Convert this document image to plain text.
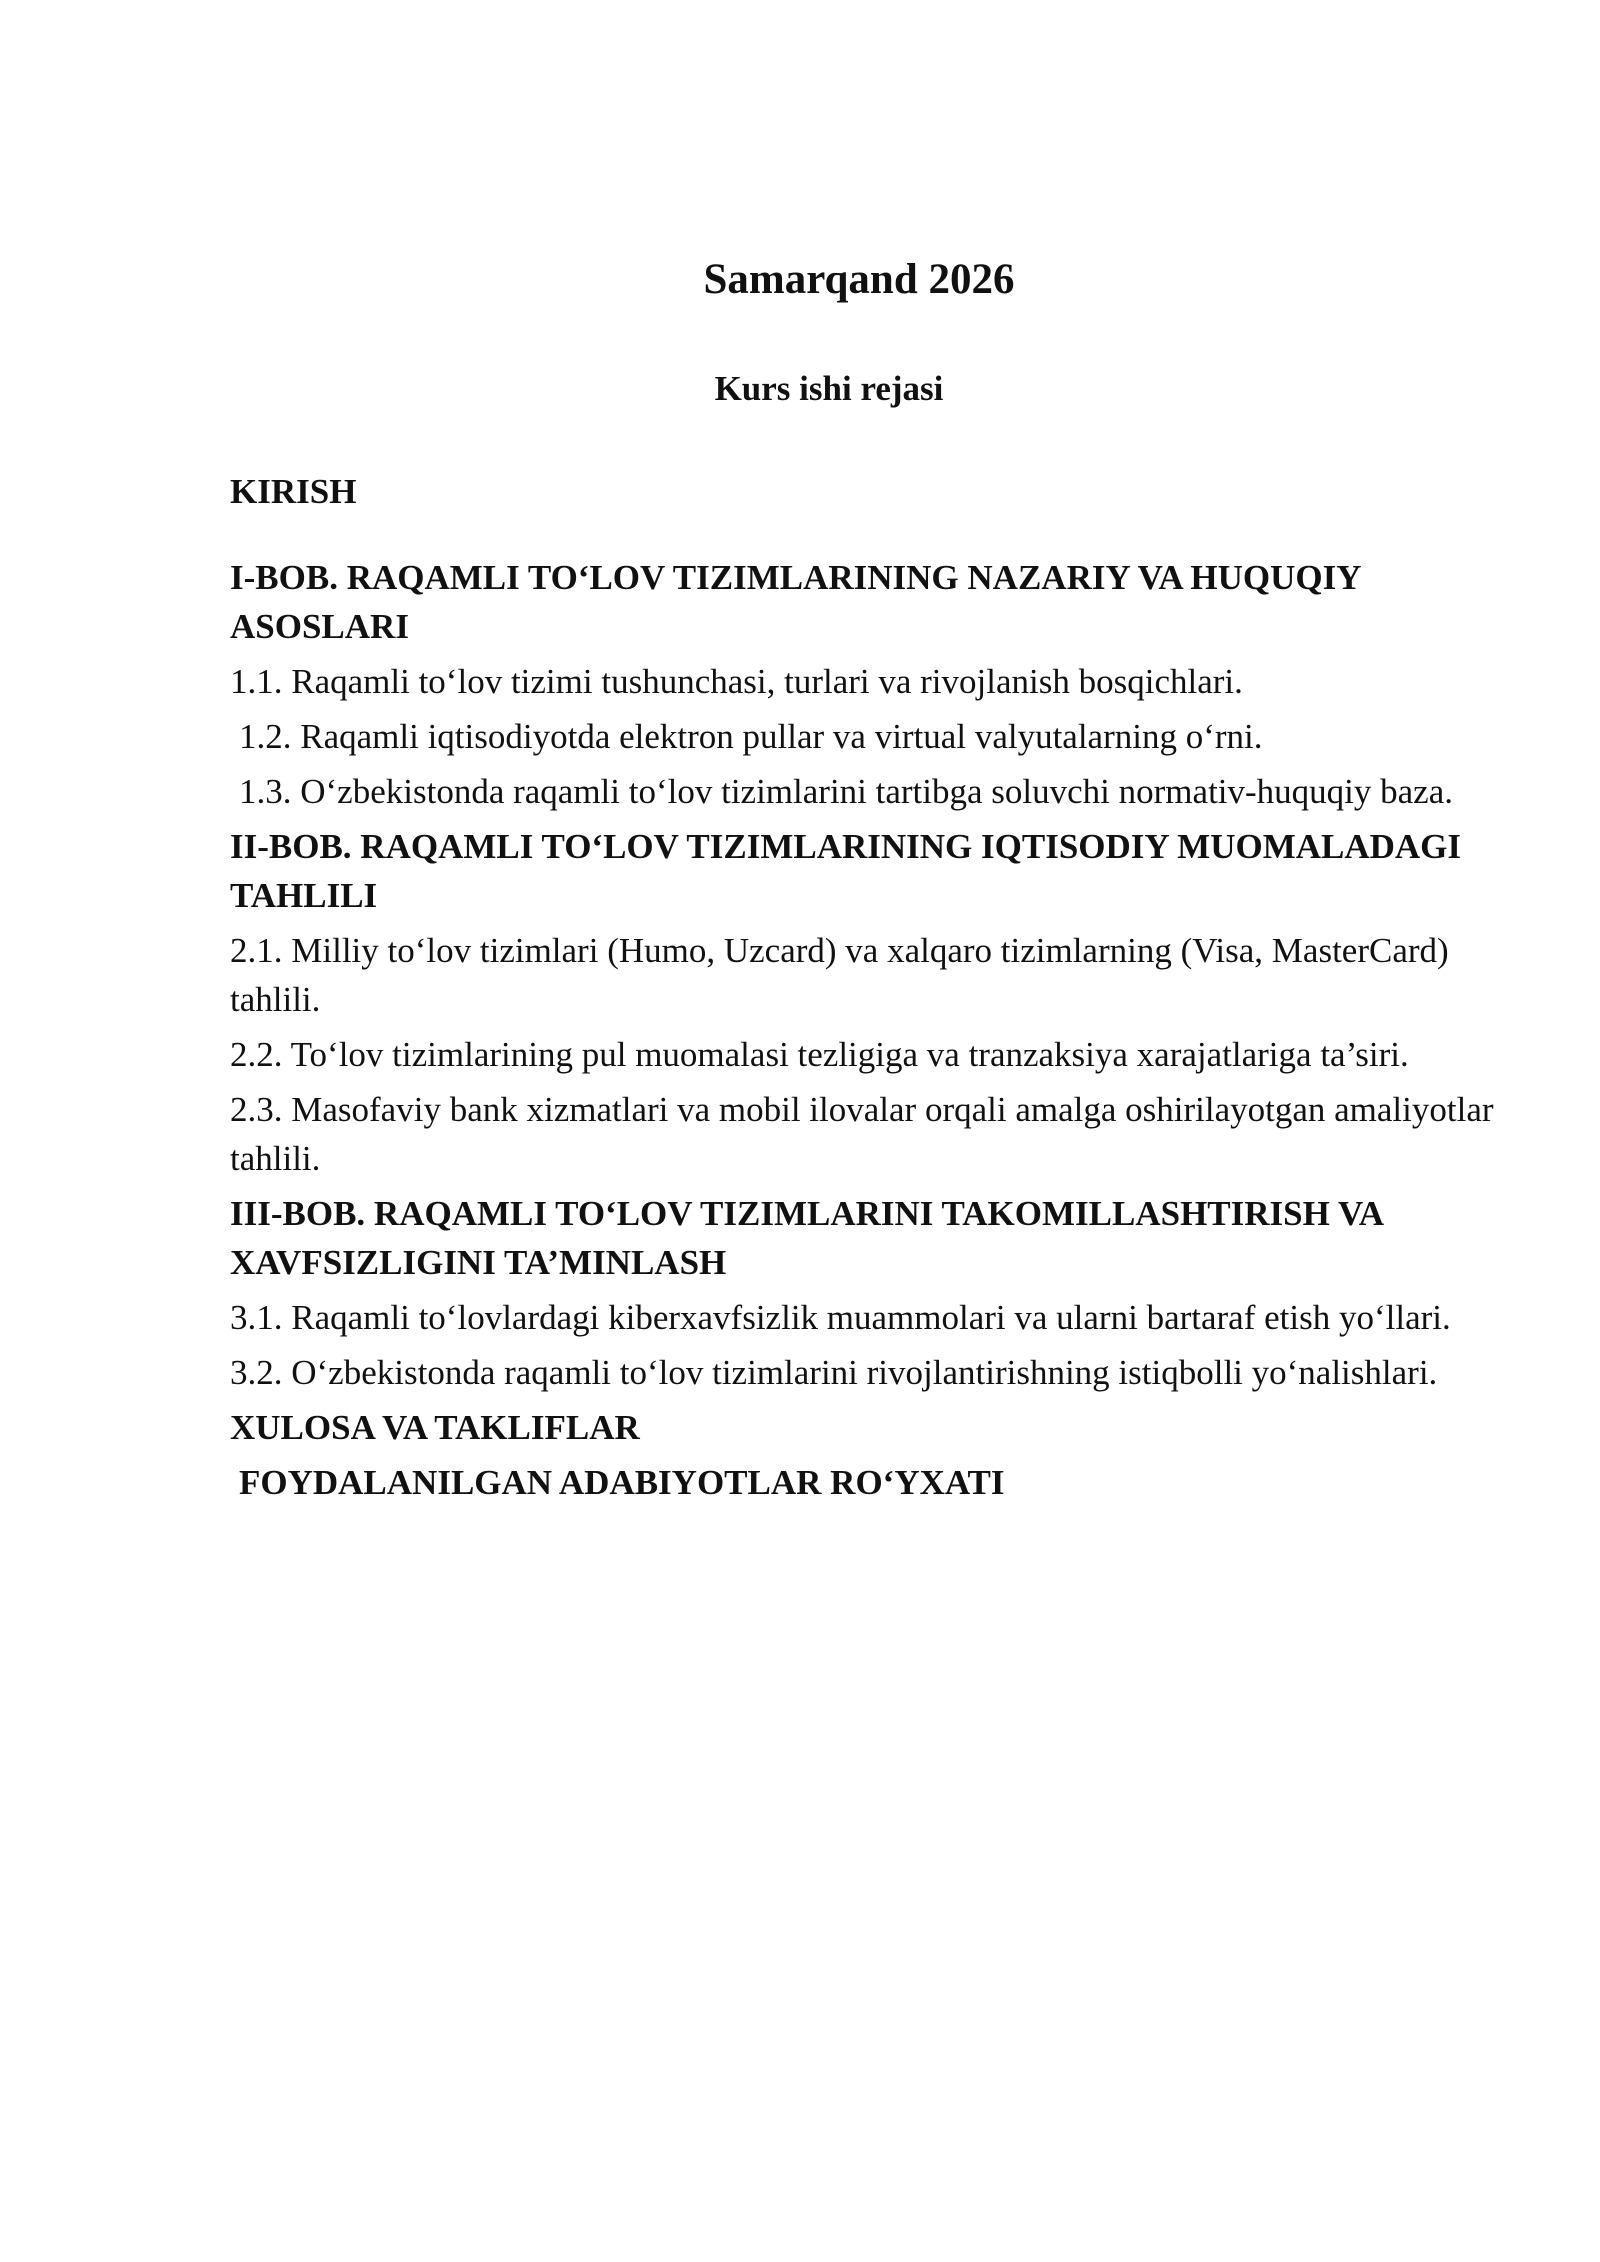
Samarqand 2026

Kurs ishi rejasi

KIRISH

I-BOB. RAQAMLI TO‘LOV TIZIMLARINING NAZARIY VA HUQUQIY ASOSLARI

1.1. Raqamli to‘lov tizimi tushunchasi, turlari va rivojlanish bosqichlari.

1.2. Raqamli iqtisodiyotda elektron pullar va virtual valyutalarning o‘rni.

1.3. O‘zbekistonda raqamli to‘lov tizimlarini tartibga soluvchi normativ-huquqiy baza.

II-BOB. RAQAMLI TO‘LOV TIZIMLARINING IQTISODIY MUOMALADAGI TAHLILI

2.1. Milliy to‘lov tizimlari (Humo, Uzcard) va xalqaro tizimlarning (Visa, MasterCard) tahlili.

2.2. To‘lov tizimlarining pul muomalasi tezligiga va tranzaksiya xarajatlariga ta’siri.

2.3. Masofaviy bank xizmatlari va mobil ilovalar orqali amalga oshirilayotgan amaliyotlar tahlili.

III-BOB. RAQAMLI TO‘LOV TIZIMLARINI TAKOMILLASHTIRISH VA XAVFSIZLIGINI TA’MINLASH

3.1. Raqamli to‘lovlardagi kiberxavfsizlik muammolari va ularni bartaraf etish yo‘llari.

3.2. O‘zbekistonda raqamli to‘lov tizimlarini rivojlantirishning istiqbolli yo‘nalishlari.

XULOSA VA TAKLIFLAR

FOYDALANILGAN ADABIYOTLAR RO‘YXATI
